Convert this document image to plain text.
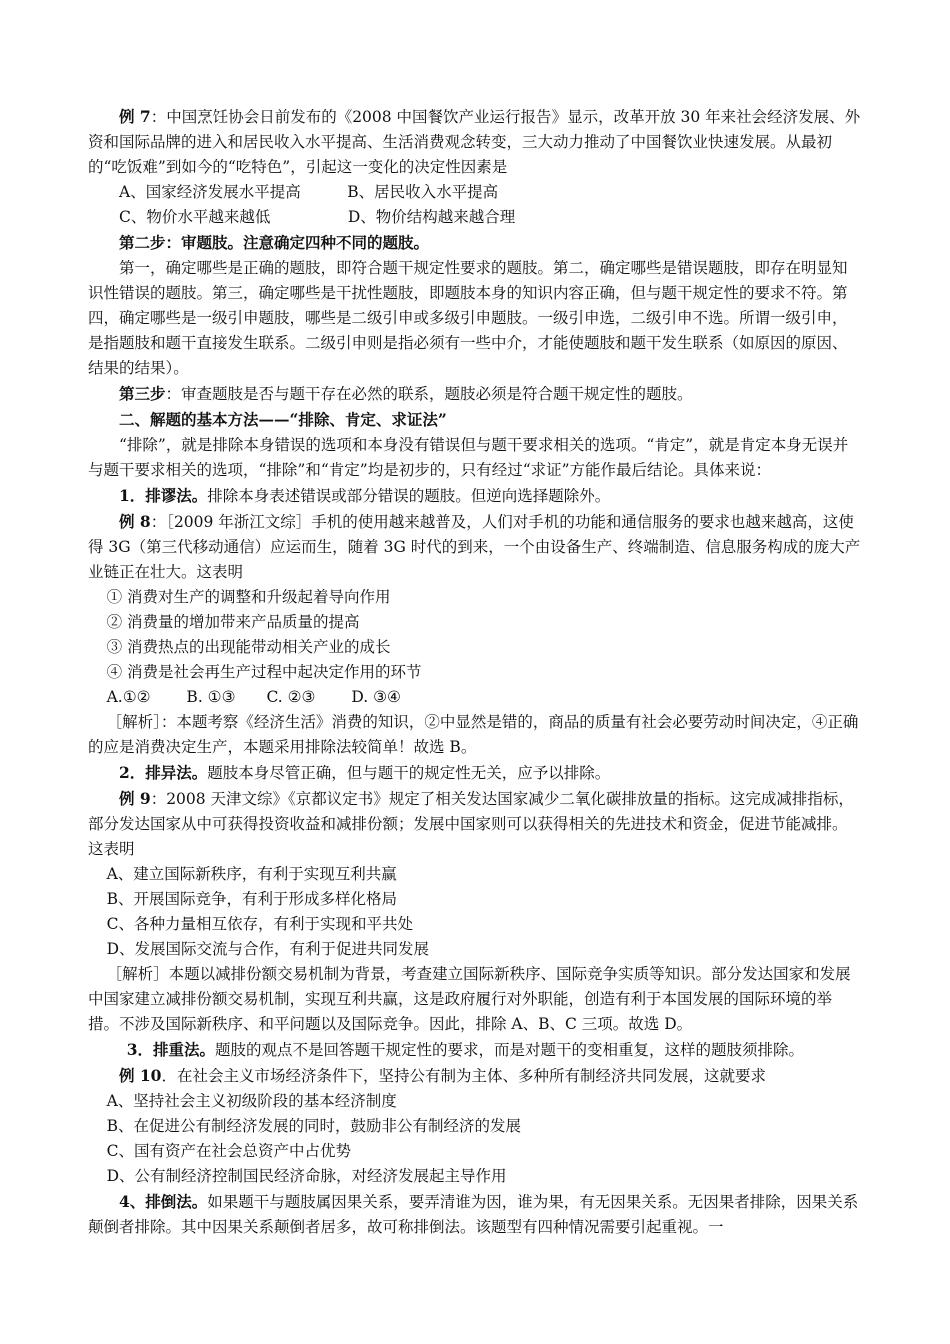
例 7：中国烹饪协会日前发布的《2008 中国餐饮产业运行报告》显示，改革开放 30 年来社会经济发展、外资和国际品牌的进入和居民收入水平提高、生活消费观念转变，三大动力推动了中国餐饮业快速发展。从最初的“吃饭难”到如今的“吃特色”，引起这一变化的决定性因素是

A、国家经济发展水平提高　　　B、居民收入水平提高

C、物价水平越来越低　　　　　D、物价结构越来越合理

第二步：审题肢。注意确定四种不同的题肢。

第一，确定哪些是正确的题肢，即符合题干规定性要求的题肢。第二，确定哪些是错误题肢，即存在明显知识性错误的题肢。第三，确定哪些是干扰性题肢，即题肢本身的知识内容正确，但与题干规定性的要求不符。第四，确定哪些是一级引申题肢，哪些是二级引申或多级引申题肢。一级引申选，二级引申不选。所谓一级引申，是指题肢和题干直接发生联系。二级引申则是指必须有一些中介，才能使题肢和题干发生联系（如原因的原因、结果的结果）。

第三步：审查题肢是否与题干存在必然的联系，题肢必须是符合题干规定性的题肢。

二、解题的基本方法——“排除、肯定、求证法”

“排除”，就是排除本身错误的选项和本身没有错误但与题干要求相关的选项。“肯定”，就是肯定本身无误并与题干要求相关的选项，“排除”和“肯定”均是初步的，只有经过“求证”方能作最后结论。具体来说：

1．排谬法。排除本身表述错误或部分错误的题肢。但逆向选择题除外。

例 8：［2009 年浙江文综］手机的使用越来越普及，人们对手机的功能和通信服务的要求也越来越高，这使得 3G（第三代移动通信）应运而生，随着 3G 时代的到来，一个由设备生产、终端制造、信息服务构成的庞大产业链正在壮大。这表明

① 消费对生产的调整和升级起着导向作用

② 消费量的增加带来产品质量的提高

③ 消费热点的出现能带动相关产业的成长

④ 消费是社会再生产过程中起决定作用的环节

A.①②　　 B. ①③　　C. ②③　　 D. ③④

［解析］：本题考察《经济生活》消费的知识，②中显然是错的，商品的质量有社会必要劳动时间决定，④正确的应是消费决定生产，本题采用排除法较简单！故选 B。

2．排异法。题肢本身尽管正确，但与题干的规定性无关，应予以排除。

例 9：2008 天津文综》《京都议定书》规定了相关发达国家减少二氧化碳排放量的指标。这完成减排指标，部分发达国家从中可获得投资收益和减排份额；发展中国家则可以获得相关的先进技术和资金，促进节能减排。这表明

A、建立国际新秩序，有利于实现互利共赢

B、开展国际竞争，有利于形成多样化格局

C、各种力量相互依存，有利于实现和平共处

D、发展国际交流与合作，有利于促进共同发展

［解析］本题以减排份额交易机制为背景，考查建立国际新秩序、国际竞争实质等知识。部分发达国家和发展中国家建立减排份额交易机制，实现互利共赢，这是政府履行对外职能，创造有利于本国发展的国际环境的举措。不涉及国际新秩序、和平问题以及国际竞争。因此，排除 A、B、C 三项。故选 D。

3．排重法。题肢的观点不是回答题干规定性的要求，而是对题干的变相重复，这样的题肢须排除。

例 10．在社会主义市场经济条件下，坚持公有制为主体、多种所有制经济共同发展，这就要求

A、坚持社会主义初级阶段的基本经济制度

B、在促进公有制经济发展的同时，鼓励非公有制经济的发展

C、国有资产在社会总资产中占优势

D、公有制经济控制国民经济命脉，对经济发展起主导作用

4、排倒法。如果题干与题肢属因果关系，要弄清谁为因，谁为果，有无因果关系。无因果者排除，因果关系颠倒者排除。其中因果关系颠倒者居多，故可称排倒法。该题型有四种情况需要引起重视。一
